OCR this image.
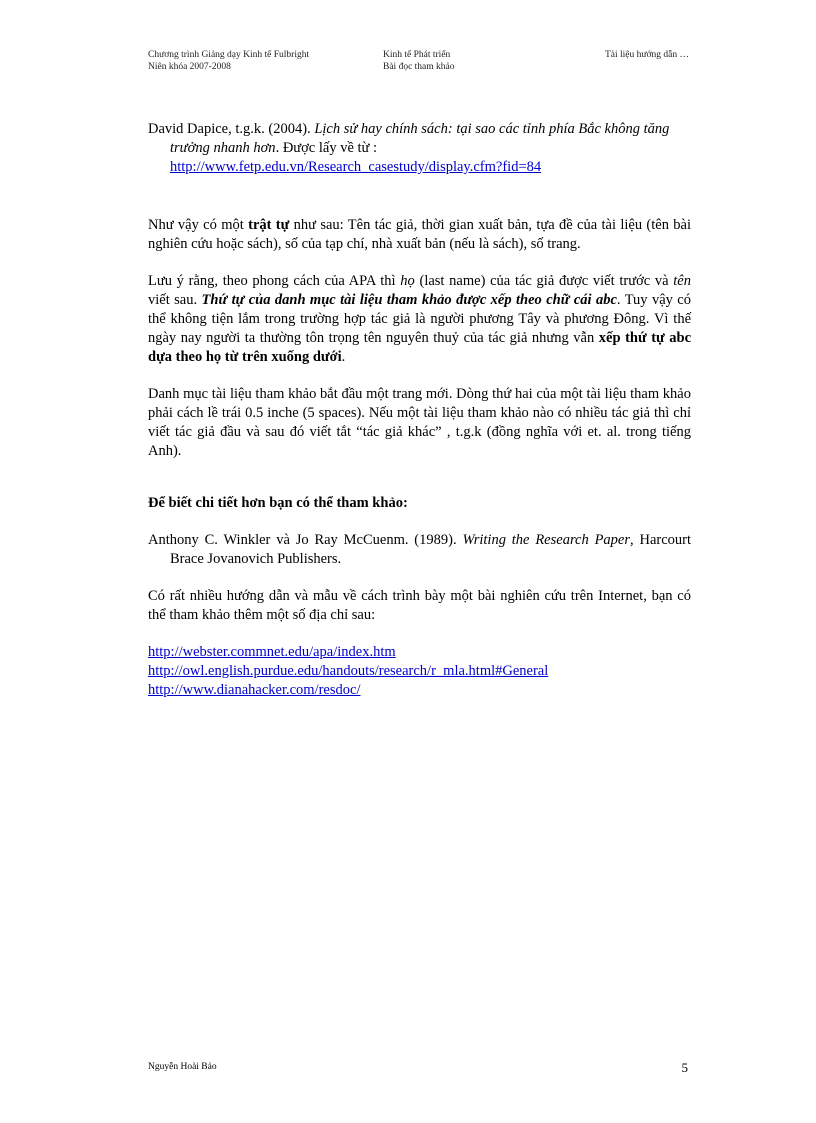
Chương trình Giảng dạy Kinh tế Fulbright
Niên khóa 2007-2008
Kinh tế Phát triển
Bài đọc tham khảo
Tài liệu hướng dẫn …

David Dapice, t.g.k. (2004). Lịch sử hay chính sách: tại sao các tỉnh phía Bắc không tăng trưởng nhanh hơn. Được lấy về từ :
http://www.fetp.edu.vn/Research_casestudy/display.cfm?fid=84

Như vậy có một trật tự như sau: Tên tác giả, thời gian xuất bản, tựa đề của tài liệu (tên bài nghiên cứu hoặc sách), số của tạp chí, nhà xuất bản (nếu là sách), số trang.

Lưu ý rằng, theo phong cách của APA thì họ (last name) của tác giả được viết trước và tên viết sau. Thứ tự của danh mục tài liệu tham khảo được xếp theo chữ cái abc. Tuy vậy có thể không tiện lắm trong trường hợp tác giả là người phương Tây và phương Đông. Vì thế ngày nay người ta thường tôn trọng tên nguyên thuỷ của tác giả nhưng vẫn xếp thứ tự abc dựa theo họ từ trên xuống dưới.

Danh mục tài liệu tham khảo bắt đầu một trang mới. Dòng thứ hai của một tài liệu tham khảo phải cách lề trái 0.5 inche (5 spaces). Nếu một tài liệu tham khảo nào có nhiều tác giả thì chỉ viết tác giả đầu và sau đó viết tắt “tác giả khác” , t.g.k (đồng nghĩa với et. al. trong tiếng Anh).

Để biết chi tiết hơn bạn có thể tham khảo:

Anthony C. Winkler và Jo Ray McCuenm. (1989). Writing the Research Paper, Harcourt Brace Jovanovich Publishers.

Có rất nhiều hướng dẫn và mẫu về cách trình bày một bài nghiên cứu trên Internet, bạn có thể tham khảo thêm một số địa chỉ sau:

http://webster.commnet.edu/apa/index.htm
http://owl.english.purdue.edu/handouts/research/r_mla.html#General
http://www.dianahacker.com/resdoc/
Nguyễn Hoài Bảo	5
